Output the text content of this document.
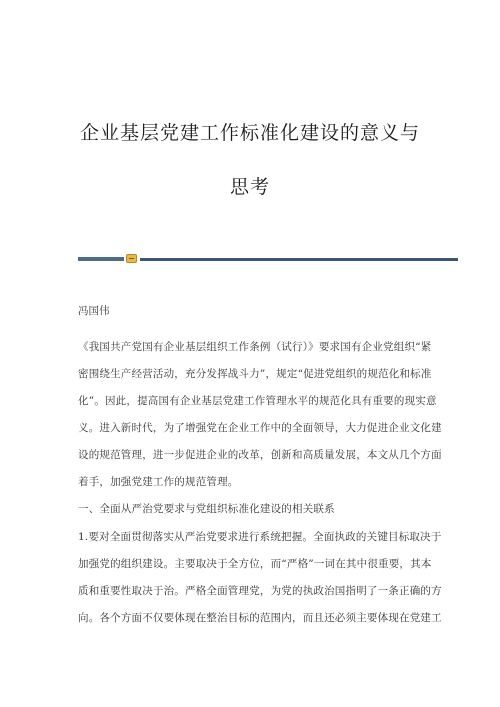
企业基层党建工作标准化建设的意义与
思考
冯国伟
《我国共产党国有企业基层组织工作条例（试行）》要求国有企业党组织“紧
密围绕生产经营活动，充分发挥战斗力”，规定“促进党组织的规范化和标准
化”。因此，提高国有企业基层党建工作管理水平的规范化具有重要的现实意
义。进入新时代，为了增强党在企业工作中的全面领导，大力促进企业文化建
设的规范管理，进一步促进企业的改革，创新和高质量发展，本文从几个方面
着手，加强党建工作的规范管理。
一、全面从严治党要求与党组织标准化建设的相关联系
1.要对全面贯彻落实从严治党要求进行系统把握。全面执政的关键目标取决于
加强党的组织建设。主要取决于全方位，而“严格”一词在其中很重要，其本
质和重要性取决于治。严格全面管理党，为党的执政治国指明了一条正确的方
向。各个方面不仅要体现在整治目标的范围内，而且还必须主要体现在党建工
